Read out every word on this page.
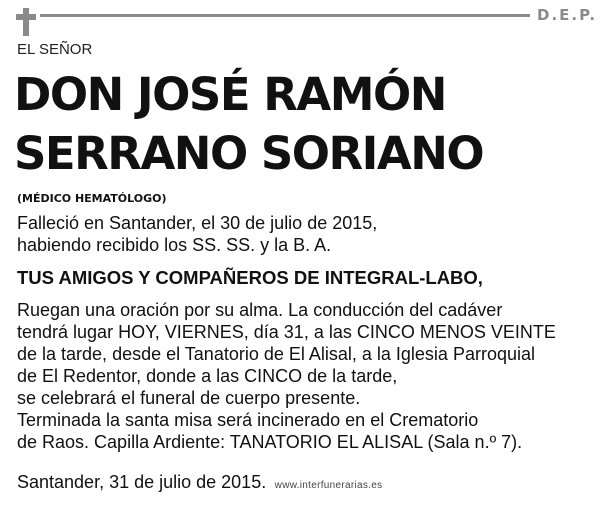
D.E.P.
EL SEÑOR
DON JOSÉ RAMÓN
SERRANO SORIANO
(MÉDICO HEMATÓLOGO)
Falleció en Santander, el 30 de julio de 2015,
habiendo recibido los SS. SS. y la B. A.
TUS AMIGOS Y COMPAÑEROS DE INTEGRAL-LABO,
Ruegan una oración por su alma. La conducción del cadáver
tendrá lugar HOY, VIERNES, día 31, a las CINCO MENOS VEINTE
de la tarde, desde el Tanatorio de El Alisal, a la Iglesia Parroquial
de El Redentor, donde a las CINCO de la tarde,
se celebrará el funeral de cuerpo presente.
Terminada la santa misa será incinerado en el Crematorio
de Raos. Capilla Ardiente: TANATORIO EL ALISAL (Sala n.º 7).
Santander, 31 de julio de 2015. www.interfunerarias.es
